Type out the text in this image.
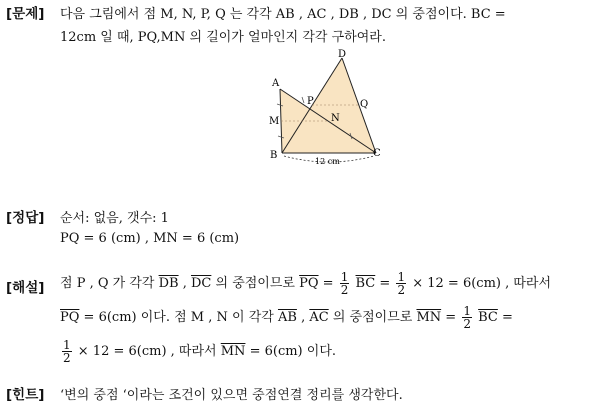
[문제] 다음 그림에서 점 M, N, P, Q 는 각각 AB , AC , DB , DC 의 중점이다. BC =
12cm 일 때, PQ,MN 의 길이가 얼마인지 각각 구하여라.
A
B	C
D
M	N
P	Q
12 cm
[정답] 순서: 없음, 갯수: 1
PQ = 6 (cm) , MN = 6 (cm)
[해설] 점 P , Q 가 각각 $\overline{DB}$ , $\overline{DC}$ 의 중점이므로 $\overline{PQ} = \frac{1}{2} \overline{BC} = \frac{1}{2} \times 12 = 6(cm)$ , 따라서
$\overline{PQ} = 6(cm)$ 이다. 점 M , N 이 각각 $\overline{AB}$ , $\overline{AC}$ 의 중점이므로 $\overline{MN} = \frac{1}{2} \overline{BC}$ =
$\frac{1}{2} \times 12 = 6(cm)$ , 따라서 $\overline{MN} = 6(cm)$ 이다.
[힌트] ‘변의 중점 ‘이라는 조건이 있으면 중점연결 정리를 생각한다.
